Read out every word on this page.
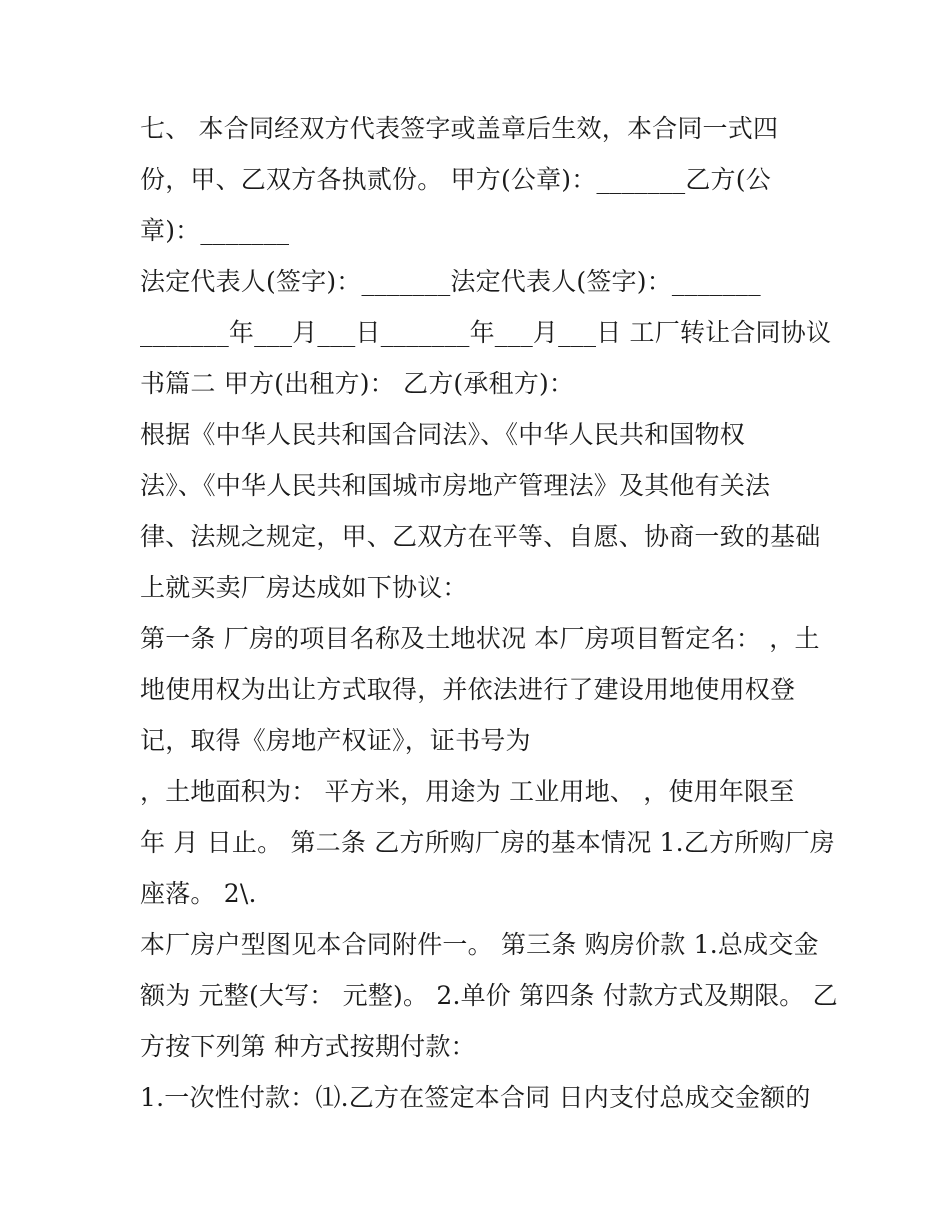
七、 本合同经双方代表签字或盖章后生效，本合同一式四
份，甲、乙双方各执贰份。 甲方(公章)：_______乙方(公
章)：_______
法定代表人(签字)：_______法定代表人(签字)：_______
_______年___月___日_______年___月___日 工厂转让合同协议
书篇二 甲方(出租方)： 乙方(承租方)：
根据《中华人民共和国合同法》、《中华人民共和国物权
法》、《中华人民共和国城市房地产管理法》及其他有关法
律、法规之规定，甲、乙双方在平等、自愿、协商一致的基础
上就买卖厂房达成如下协议：
第一条 厂房的项目名称及土地状况 本厂房项目暂定名： ，土
地使用权为出让方式取得，并依法进行了建设用地使用权登
记，取得《房地产权证》，证书号为
，土地面积为： 平方米，用途为 工业用地、 ，使用年限至
年 月 日止。 第二条 乙方所购厂房的基本情况 1.乙方所购厂房
座落。 2\.
本厂房户型图见本合同附件一。 第三条 购房价款 1.总成交金
额为 元整(大写： 元整)。 2.单价 第四条 付款方式及期限。 乙
方按下列第 种方式按期付款：
1.一次性付款：⑴.乙方在签定本合同 日内支付总成交金额的
